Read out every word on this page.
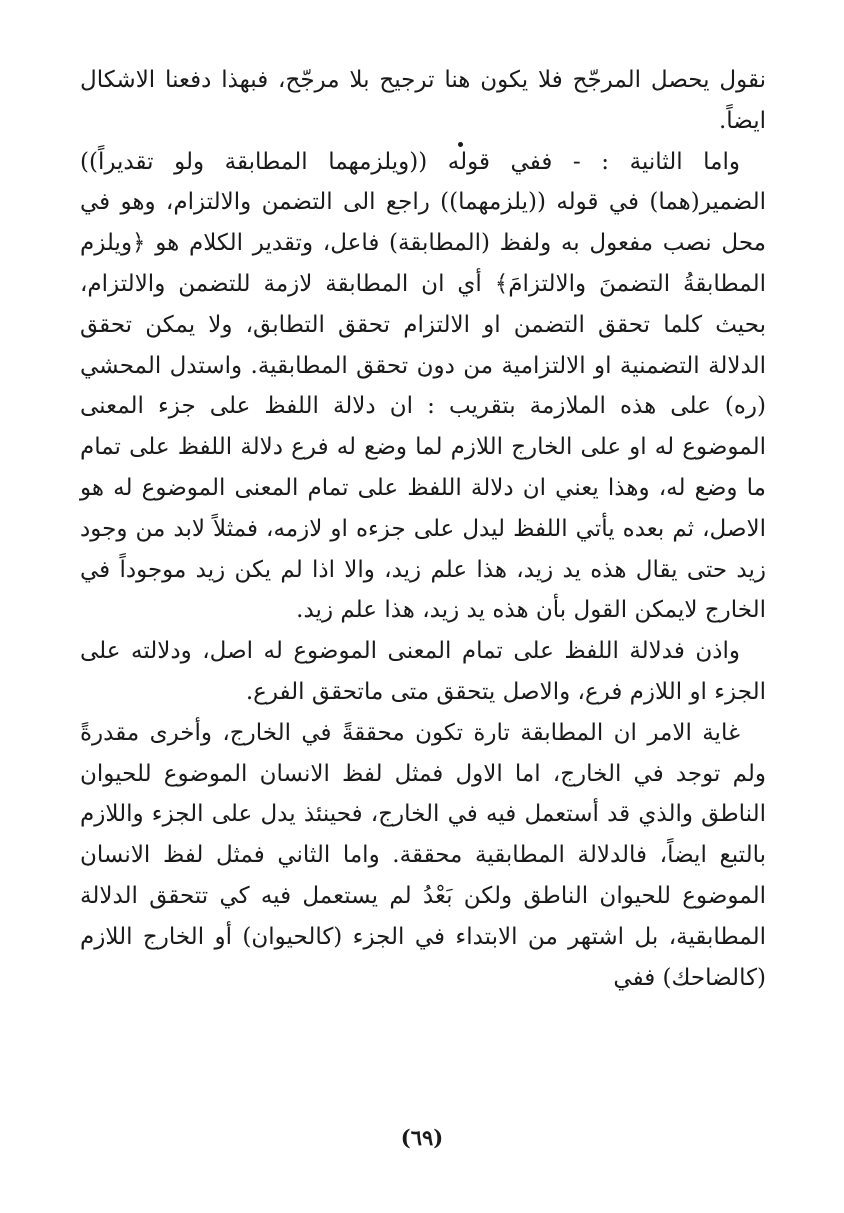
نقول يحصل المرجّح فلا يكون هنا ترجيح بلا مرجّح، فبهذا دفعنا الاشكال ايضاً.

واما الثانية : - ففي قوله ((ويلزمهما المطابقة ولو تقديراً)) الضمير(هما) في قوله ((يلزمهما)) راجع الى التضمن والالتزام، وهو في محل نصب مفعول به ولفظ (المطابقة) فاعل، وتقدير الكلام هو ﴿ويلزم المطابقةُ التضمنَ والالتزامَ﴾ أي ان المطابقة لازمة للتضمن والالتزام، بحيث كلما تحقق التضمن او الالتزام تحقق التطابق، ولا يمكن تحقق الدلالة التضمنية او الالتزامية من دون تحقق المطابقية. واستدل المحشي (ره) على هذه الملازمة بتقريب : ان دلالة اللفظ على جزء المعنى الموضوع له او على الخارج اللازم لما وضع له فرع دلالة اللفظ على تمام ما وضع له، وهذا يعني ان دلالة اللفظ على تمام المعنى الموضوع له هو الاصل، ثم بعده يأتي اللفظ ليدل على جزءه او لازمه، فمثلاً لابد من وجود زيد حتى يقال هذه يد زيد، هذا علم زيد، والا اذا لم يكن زيد موجوداً في الخارج لايمكن القول بأن هذه يد زيد، هذا علم زيد.

واذن فدلالة اللفظ على تمام المعنى الموضوع له اصل، ودلالته على الجزء او اللازم فرع، والاصل يتحقق متى ماتحقق الفرع.

غاية الامر ان المطابقة تارة تكون محققةً في الخارج، وأخرى مقدرةً ولم توجد في الخارج، اما الاول فمثل لفظ الانسان الموضوع للحيوان الناطق والذي قد أستعمل فيه في الخارج، فحينئذ يدل على الجزء واللازم بالتبع ايضاً، فالدلالة المطابقية محققة. واما الثاني فمثل لفظ الانسان الموضوع للحيوان الناطق ولكن بَعْدُ لم يستعمل فيه كي تتحقق الدلالة المطابقية، بل اشتهر من الابتداء في الجزء (كالحيوان) أو الخارج اللازم (كالضاحك) ففي

(٦٩)
